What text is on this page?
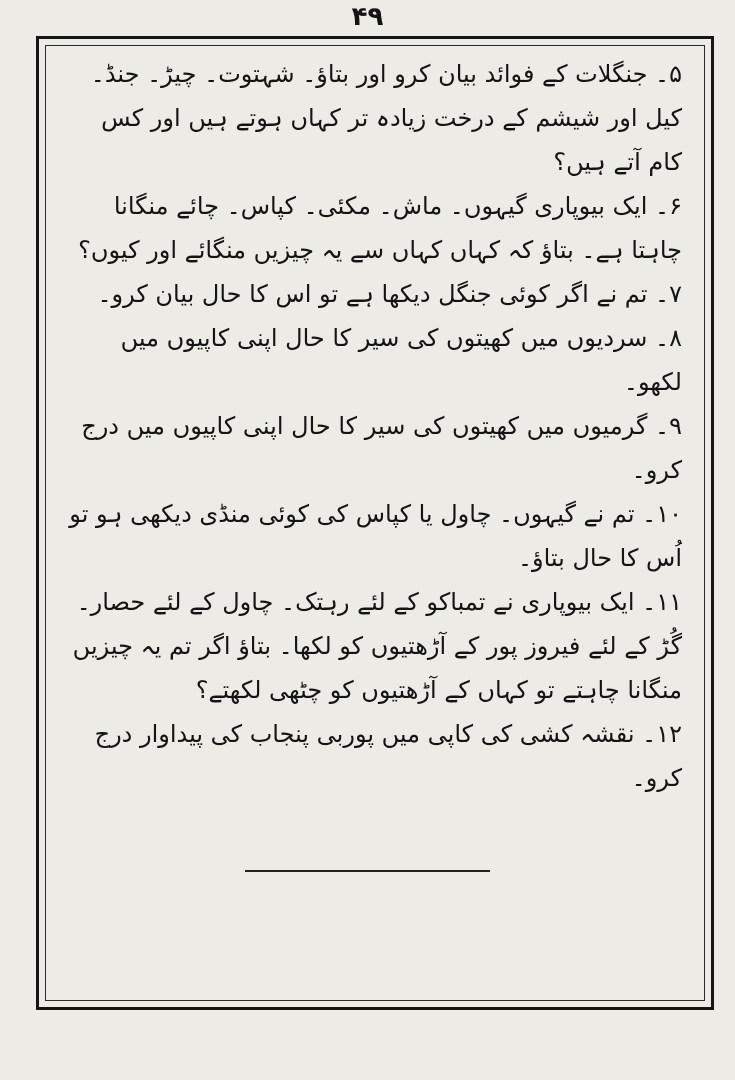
۴۹

۵۔ جنگلات کے فوائد بیان کرو اور بتاؤ۔ شہتوت۔ چیڑ۔ جنڈ۔ کیل اور شیشم کے درخت زیادہ تر کہاں ہوتے ہیں اور کس کام آتے ہیں؟

۶۔ ایک بیوپاری گیہوں۔ ماش۔ مکئی۔ کپاس۔ چائے منگانا چاہتا ہے۔ بتاؤ کہ کہاں کہاں سے یہ چیزیں منگائے اور کیوں؟

۷۔ تم نے اگر کوئی جنگل دیکھا ہے تو اس کا حال بیان کرو۔

۸۔ سردیوں میں کھیتوں کی سیر کا حال اپنی کاپیوں میں لکھو۔

۹۔ گرمیوں میں کھیتوں کی سیر کا حال اپنی کاپیوں میں درج کرو۔

۱۰۔ تم نے گیہوں۔ چاول یا کپاس کی کوئی منڈی دیکھی ہو تو اُس کا حال بتاؤ۔

۱۱۔ ایک بیوپاری نے تمباکو کے لئے رہتک۔ چاول کے لئے حصار۔ گُڑ کے لئے فیروز پور کے آڑھتیوں کو لکھا۔ بتاؤ اگر تم یہ چیزیں منگانا چاہتے تو کہاں کے آڑھتیوں کو چٹھی لکھتے؟

۱۲۔ نقشہ کشی کی کاپی میں پوربی پنجاب کی پیداوار درج کرو۔
